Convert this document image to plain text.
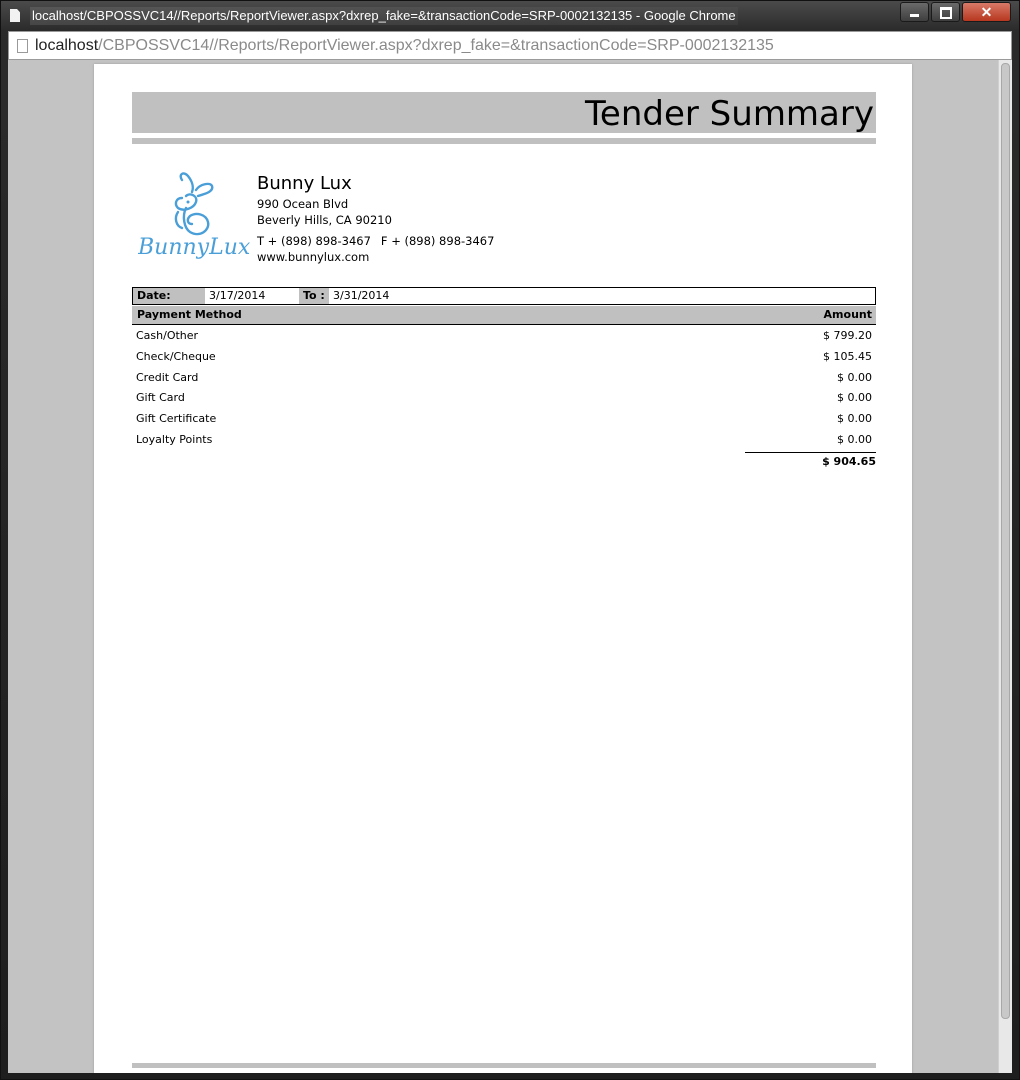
localhost/CBPOSSVC14//Reports/ReportViewer.aspx?dxrep_fake=&transactionCode=SRP-0002132135 - Google Chrome	✕
localhost/CBPOSSVC14//Reports/ReportViewer.aspx?dxrep_fake=&transactionCode=SRP-0002132135
Tender Summary
BunnyLux
Bunny Lux
990 Ocean Blvd
Beverly Hills, CA 90210
T + (898) 898-3467 F + (898) 898-3467
www.bunnylux.com
Date:	3/17/2014	To : 3/31/2014
Payment Method	Amount
Cash/Other	$ 799.20
Check/Cheque	$ 105.45
Credit Card	$ 0.00
Gift Card	$ 0.00
Gift Certificate	$ 0.00
Loyalty Points	$ 0.00
$ 904.65
